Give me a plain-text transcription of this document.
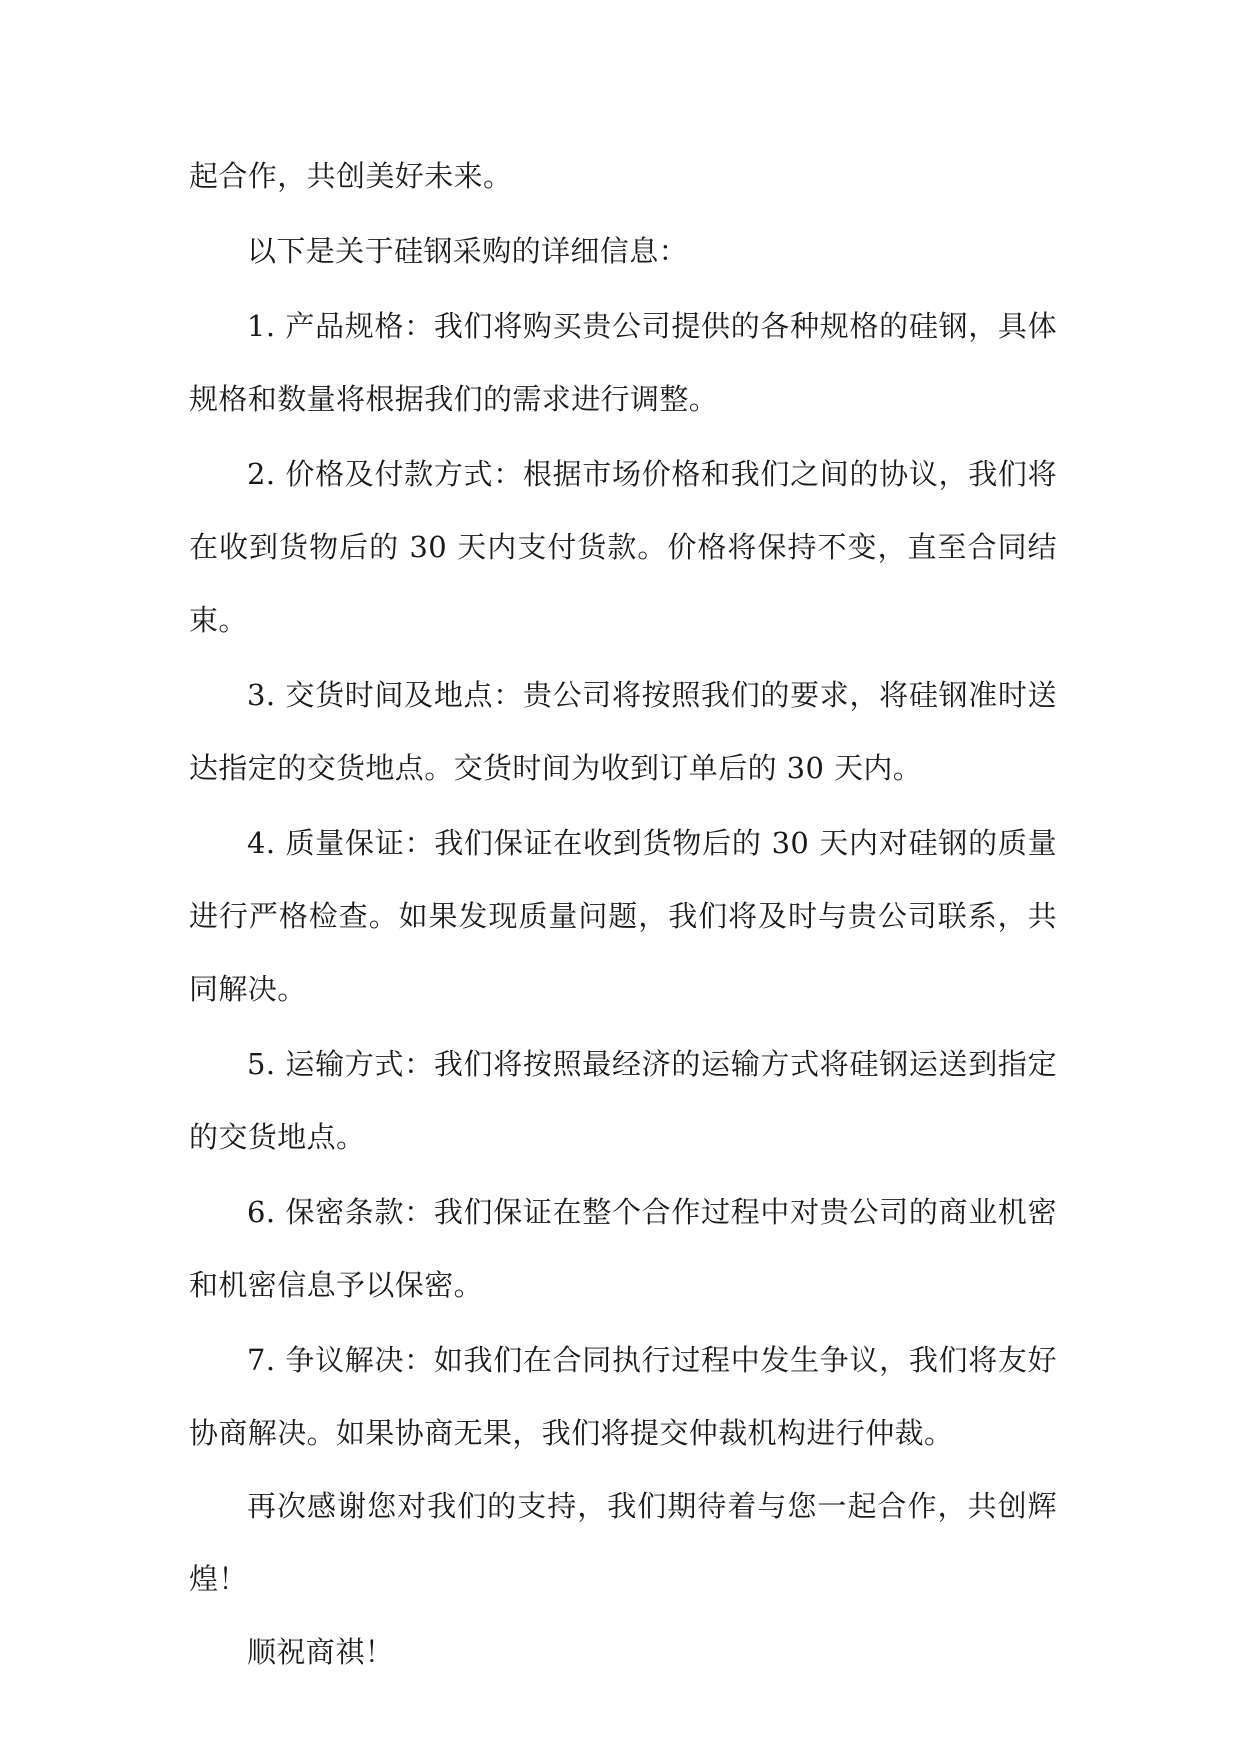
起合作，共创美好未来。

以下是关于硅钢采购的详细信息：

1. 产品规格：我们将购买贵公司提供的各种规格的硅钢，具体规格和数量将根据我们的需求进行调整。

2. 价格及付款方式：根据市场价格和我们之间的协议，我们将在收到货物后的 30 天内支付货款。价格将保持不变，直至合同结束。

3. 交货时间及地点：贵公司将按照我们的要求，将硅钢准时送达指定的交货地点。交货时间为收到订单后的 30 天内。

4. 质量保证：我们保证在收到货物后的 30 天内对硅钢的质量进行严格检查。如果发现质量问题，我们将及时与贵公司联系，共同解决。

5. 运输方式：我们将按照最经济的运输方式将硅钢运送到指定的交货地点。

6. 保密条款：我们保证在整个合作过程中对贵公司的商业机密和机密信息予以保密。

7. 争议解决：如我们在合同执行过程中发生争议，我们将友好协商解决。如果协商无果，我们将提交仲裁机构进行仲裁。

再次感谢您对我们的支持，我们期待着与您一起合作，共创辉煌！

顺祝商祺！
